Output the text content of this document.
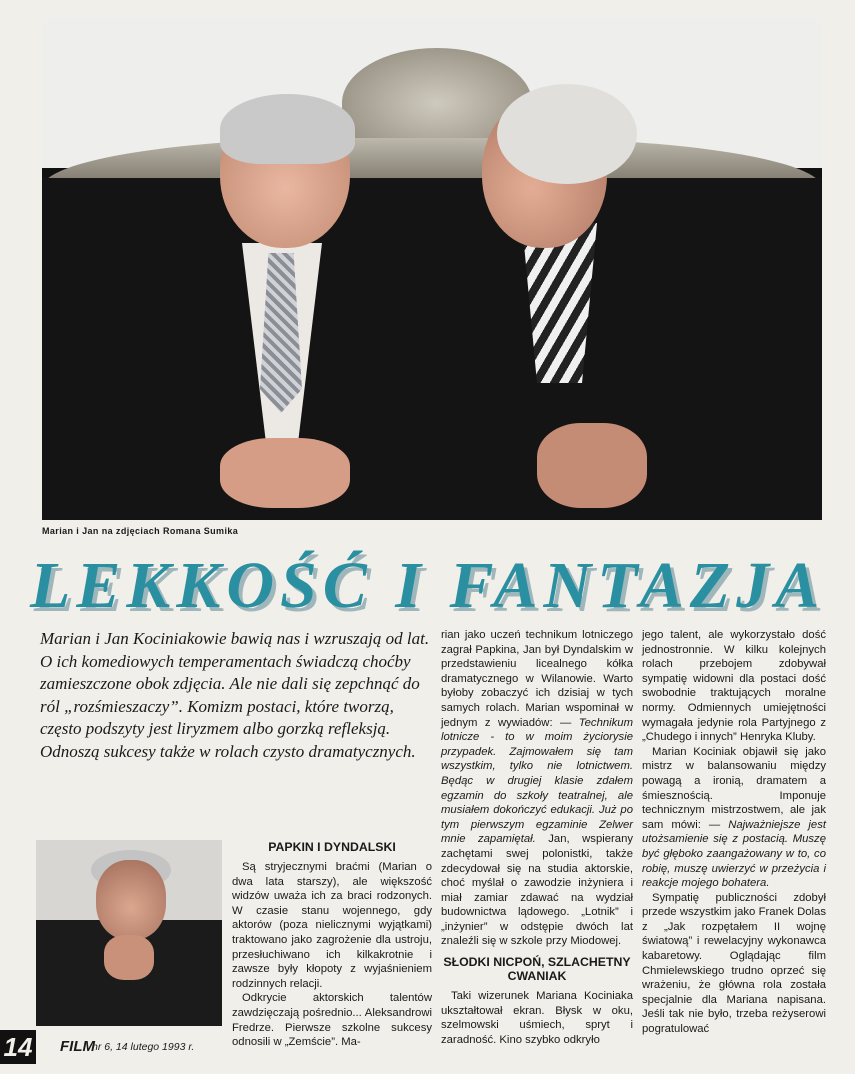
Marian i Jan na zdjęciach Romana Sumika
LEKKOŚĆ I FANTAZJA
Marian i Jan Kociniakowie bawią nas i wzruszają od lat. O ich komediowych temperamentach świadczą choćby zamieszczone obok zdjęcia. Ale nie dali się zepchnąć do ról „rozśmieszaczy”. Komizm postaci, które tworzą, często podszyty jest liryzmem albo gorzką refleksją. Odnoszą sukcesy także w rolach czysto dramatycznych.
PAPKIN I DYNDALSKI

Są stryjecznymi braćmi (Marian o dwa lata starszy), ale większość widzów uważa ich za braci rodzonych. W czasie stanu wojennego, gdy aktorów (poza nielicznymi wyjątkami) traktowano jako zagrożenie dla ustroju, przesłuchiwano ich kilkakrotnie i zawsze były kłopoty z wyjaśnieniem rodzinnych relacji.

Odkrycie aktorskich talentów zawdzięczają pośrednio... Aleksandrowi Fredrze. Pierwsze szkolne sukcesy odnosili w „Zemście”. Ma-

rian jako uczeń technikum lotniczego zagrał Papkina, Jan był Dyndalskim w przedstawieniu licealnego kółka dramatycznego w Wilanowie. Warto byłoby zobaczyć ich dzisiaj w tych samych rolach. Marian wspominał w jednym z wywiadów: — Technikum lotnicze - to w moim życiorysie przypadek. Zajmowałem się tam wszystkim, tylko nie lotnictwem. Będąc w drugiej klasie zdałem egzamin do szkoły teatralnej, ale musiałem dokończyć edukacji. Już po tym pierwszym egzaminie Zelwer mnie zapamiętał. Jan, wspierany zachętami swej polonistki, także zdecydował się na studia aktorskie, choć myślał o zawodzie inżyniera i miał zamiar zdawać na wydział budownictwa lądowego. „Lotnik” i „inżynier” w odstępie dwóch lat znaleźli się w szkole przy Miodowej.

SŁODKI NICPOŃ, SZLACHETNY CWANIAK

Taki wizerunek Mariana Kociniaka ukształtował ekran. Błysk w oku, szelmowski uśmiech, spryt i zaradność. Kino szybko odkryło

jego talent, ale wykorzystało dość jednostronnie. W kilku kolejnych rolach przebojem zdobywał sympatię widowni dla postaci dość swobodnie traktujących moralne normy. Odmiennych umiejętności wymagała jedynie rola Partyjnego z „Chudego i innych” Henryka Kluby.

Marian Kociniak objawił się jako mistrz w balansowaniu między powagą a ironią, dramatem a śmiesznością. Imponuje technicznym mistrzostwem, ale jak sam mówi: — Najważniejsze jest utożsamienie się z postacią. Muszę być głęboko zaangażowany w to, co robię, muszę uwierzyć w przeżycia i reakcje mojego bohatera.

Sympatię publiczności zdobył przede wszystkim jako Franek Dolas z „Jak rozpętałem II wojnę światową” i rewelacyjny wykonawca kabaretowy. Oglądając film Chmielewskiego trudno oprzeć się wrażeniu, że główna rola została specjalnie dla Mariana napisana. Jeśli tak nie było, trzeba reżyserowi pogratulować

14 FILM
nr 6, 14 lutego 1993 r.
